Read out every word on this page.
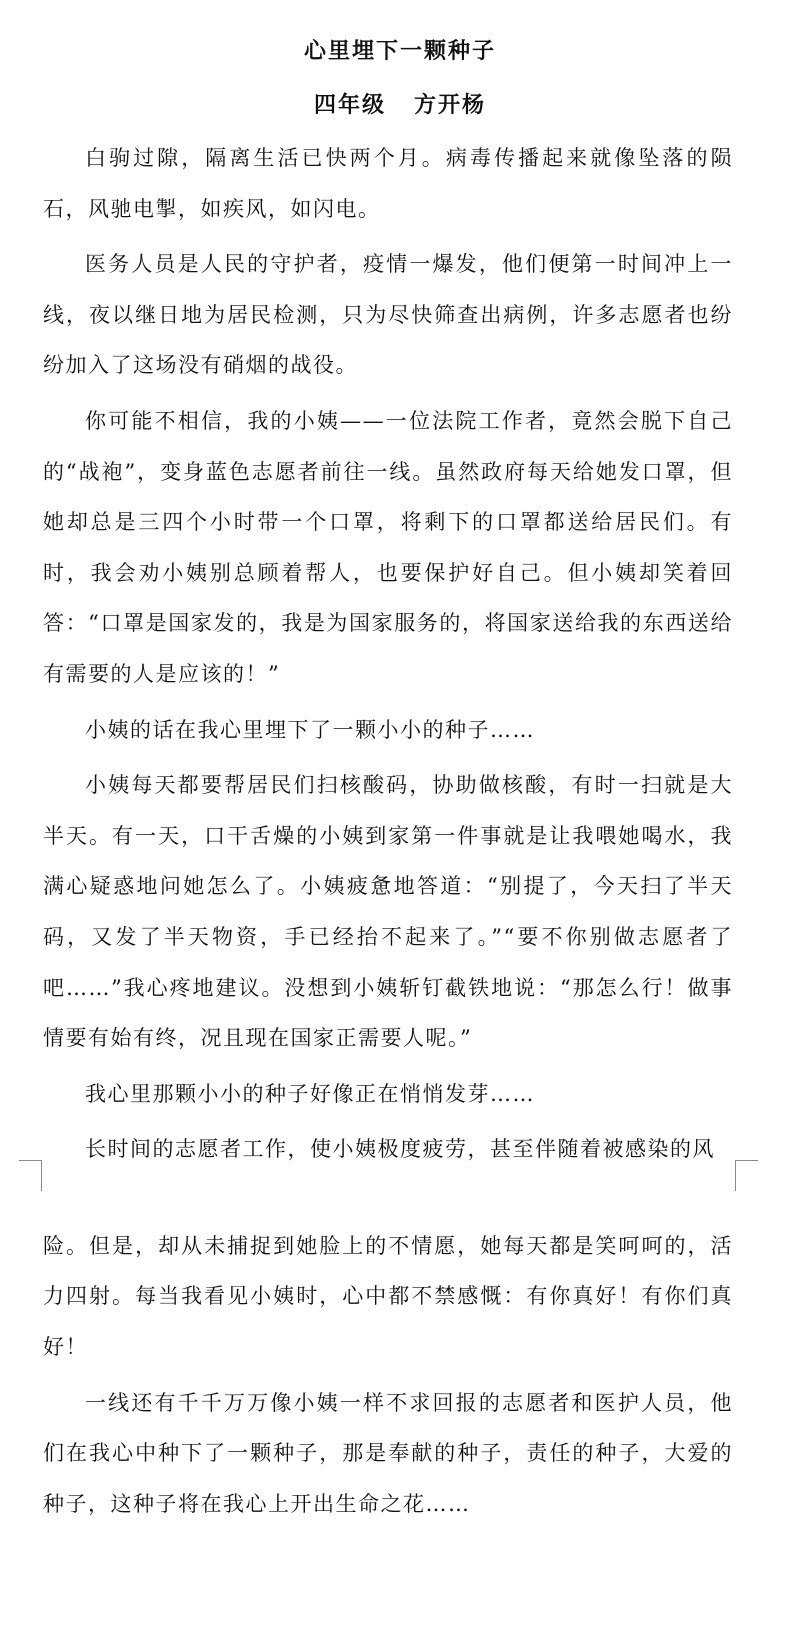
心里埋下一颗种子
四年级 方开杨

白驹过隙，隔离生活已快两个月。病毒传播起来就像坠落的陨石，风驰电掣，如疾风，如闪电。

医务人员是人民的守护者，疫情一爆发，他们便第一时间冲上一线，夜以继日地为居民检测，只为尽快筛查出病例，许多志愿者也纷纷加入了这场没有硝烟的战役。

你可能不相信，我的小姨——一位法院工作者，竟然会脱下自己的“战袍”，变身蓝色志愿者前往一线。虽然政府每天给她发口罩，但她却总是三四个小时带一个口罩，将剩下的口罩都送给居民们。有时，我会劝小姨别总顾着帮人，也要保护好自己。但小姨却笑着回答：“口罩是国家发的，我是为国家服务的，将国家送给我的东西送给有需要的人是应该的！”

小姨的话在我心里埋下了一颗小小的种子……

小姨每天都要帮居民们扫核酸码，协助做核酸，有时一扫就是大半天。有一天，口干舌燥的小姨到家第一件事就是让我喂她喝水，我满心疑惑地问她怎么了。小姨疲惫地答道：“别提了，今天扫了半天码，又发了半天物资，手已经抬不起来了。”“要不你别做志愿者了吧……”我心疼地建议。没想到小姨斩钉截铁地说：“那怎么行！做事情要有始有终，况且现在国家正需要人呢。”

我心里那颗小小的种子好像正在悄悄发芽……

长时间的志愿者工作，使小姨极度疲劳，甚至伴随着被感染的风

险。但是，却从未捕捉到她脸上的不情愿，她每天都是笑呵呵的，活力四射。每当我看见小姨时，心中都不禁感慨：有你真好！有你们真好！

一线还有千千万万像小姨一样不求回报的志愿者和医护人员，他们在我心中种下了一颗种子，那是奉献的种子，责任的种子，大爱的种子，这种子将在我心上开出生命之花……
